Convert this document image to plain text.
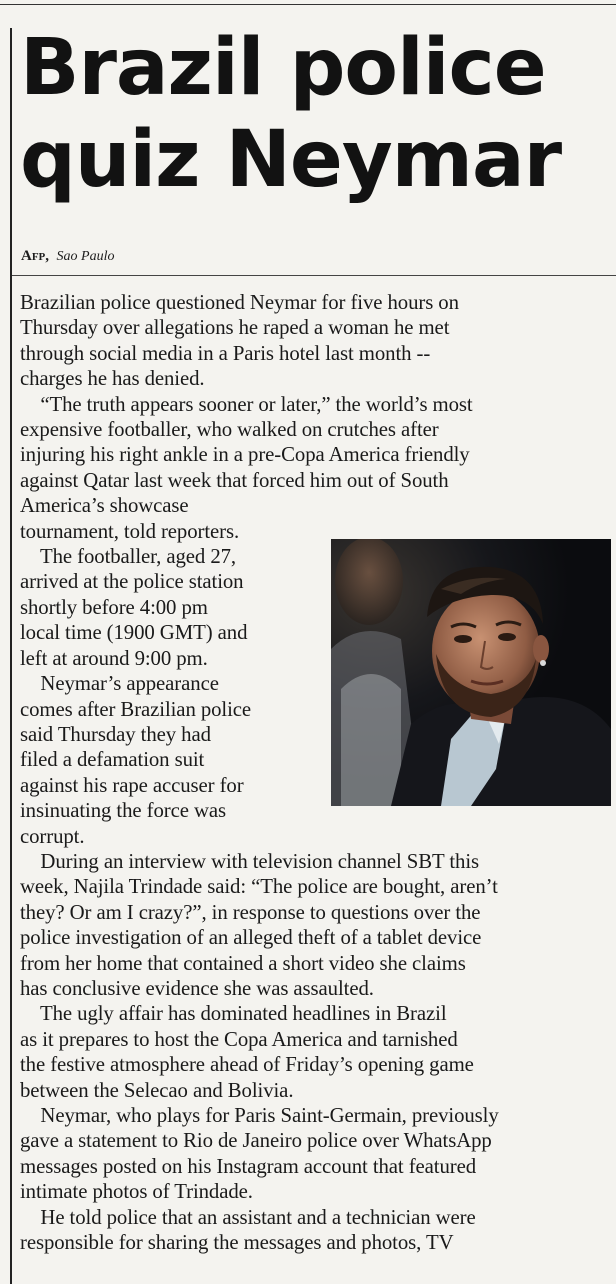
Brazil police
quiz Neymar
Afp, Sao Paulo
Brazilian police questioned Neymar for five hours on
Thursday over allegations he raped a woman he met
through social media in a Paris hotel last month --
charges he has denied.
“The truth appears sooner or later,” the world’s most
expensive footballer, who walked on crutches after
injuring his right ankle in a pre-Copa America friendly
against Qatar last week that forced him out of South
America’s showcase
tournament, told reporters.
The footballer, aged 27,
arrived at the police station
shortly before 4:00 pm
local time (1900 GMT) and
left at around 9:00 pm.
Neymar’s appearance
comes after Brazilian police
said Thursday they had
filed a defamation suit
against his rape accuser for
insinuating the force was
corrupt.
During an interview with television channel SBT this
week, Najila Trindade said: “The police are bought, aren’t
they? Or am I crazy?”, in response to questions over the
police investigation of an alleged theft of a tablet device
from her home that contained a short video she claims
has conclusive evidence she was assaulted.
The ugly affair has dominated headlines in Brazil
as it prepares to host the Copa America and tarnished
the festive atmosphere ahead of Friday’s opening game
between the Selecao and Bolivia.
Neymar, who plays for Paris Saint-Germain, previously
gave a statement to Rio de Janeiro police over WhatsApp
messages posted on his Instagram account that featured
intimate photos of Trindade.
He told police that an assistant and a technician were
responsible for sharing the messages and photos, TV
